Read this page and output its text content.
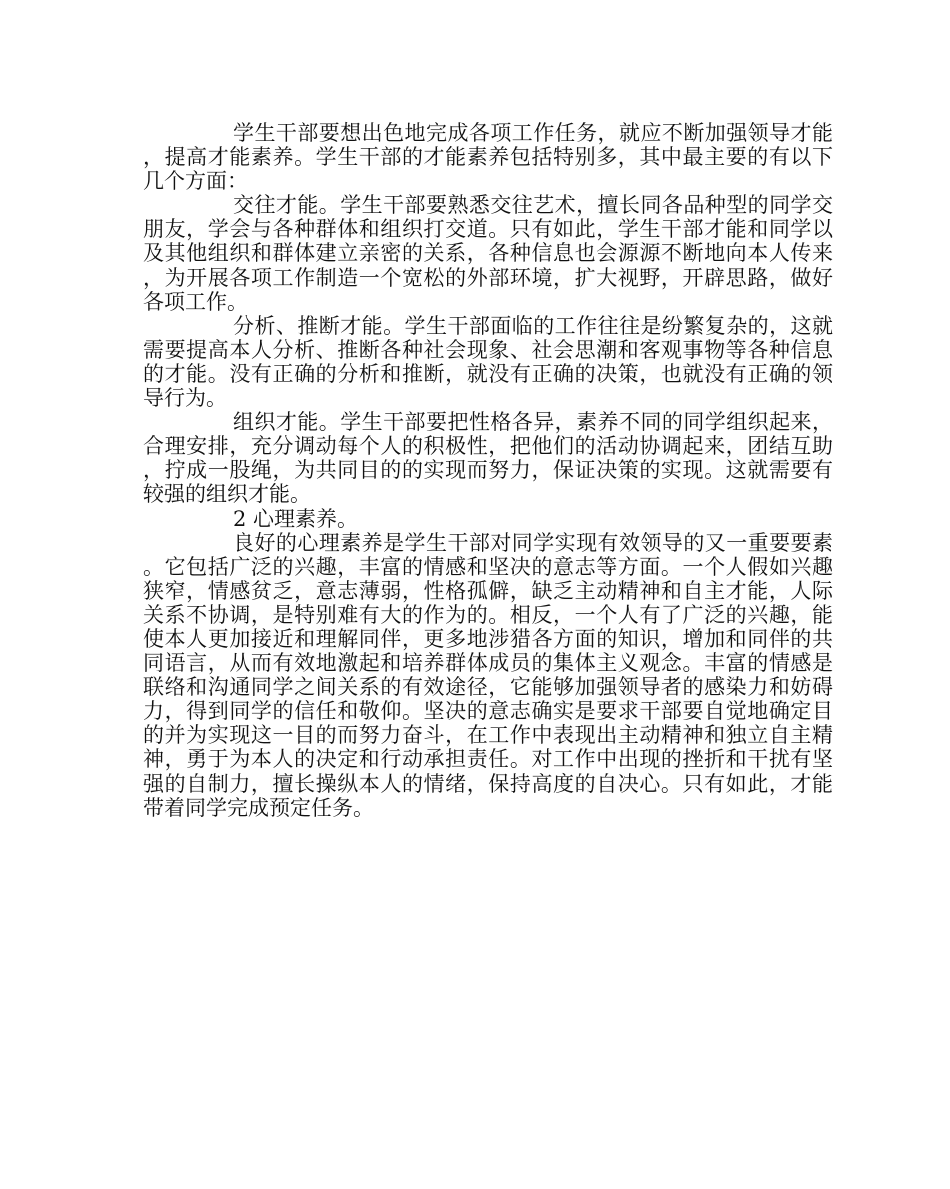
学生干部要想出色地完成各项工作任务，就应不断加强领导才能，提高才能素养。学生干部的才能素养包括特别多，其中最主要的有以下几个方面：

交往才能。学生干部要熟悉交往艺术，擅长同各品种型的同学交朋友，学会与各种群体和组织打交道。只有如此，学生干部才能和同学以及其他组织和群体建立亲密的关系，各种信息也会源源不断地向本人传来，为开展各项工作制造一个宽松的外部环境，扩大视野，开辟思路，做好各项工作。

分析、推断才能。学生干部面临的工作往往是纷繁复杂的，这就需要提高本人分析、推断各种社会现象、社会思潮和客观事物等各种信息的才能。没有正确的分析和推断，就没有正确的决策，也就没有正确的领导行为。

组织才能。学生干部要把性格各异，素养不同的同学组织起来，合理安排，充分调动每个人的积极性，把他们的活动协调起来，团结互助，拧成一股绳，为共同目的的实现而努力，保证决策的实现。这就需要有较强的组织才能。

2 心理素养。

良好的心理素养是学生干部对同学实现有效领导的又一重要要素。它包括广泛的兴趣，丰富的情感和坚决的意志等方面。一个人假如兴趣狭窄，情感贫乏，意志薄弱，性格孤僻，缺乏主动精神和自主才能，人际关系不协调，是特别难有大的作为的。相反，一个人有了广泛的兴趣，能使本人更加接近和理解同伴，更多地涉猎各方面的知识，增加和同伴的共同语言，从而有效地激起和培养群体成员的集体主义观念。丰富的情感是联络和沟通同学之间关系的有效途径，它能够加强领导者的感染力和妨碍力，得到同学的信任和敬仰。坚决的意志确实是要求干部要自觉地确定目的并为实现这一目的而努力奋斗，在工作中表现出主动精神和独立自主精神，勇于为本人的决定和行动承担责任。对工作中出现的挫折和干扰有坚强的自制力，擅长操纵本人的情绪，保持高度的自决心。只有如此，才能带着同学完成预定任务。
